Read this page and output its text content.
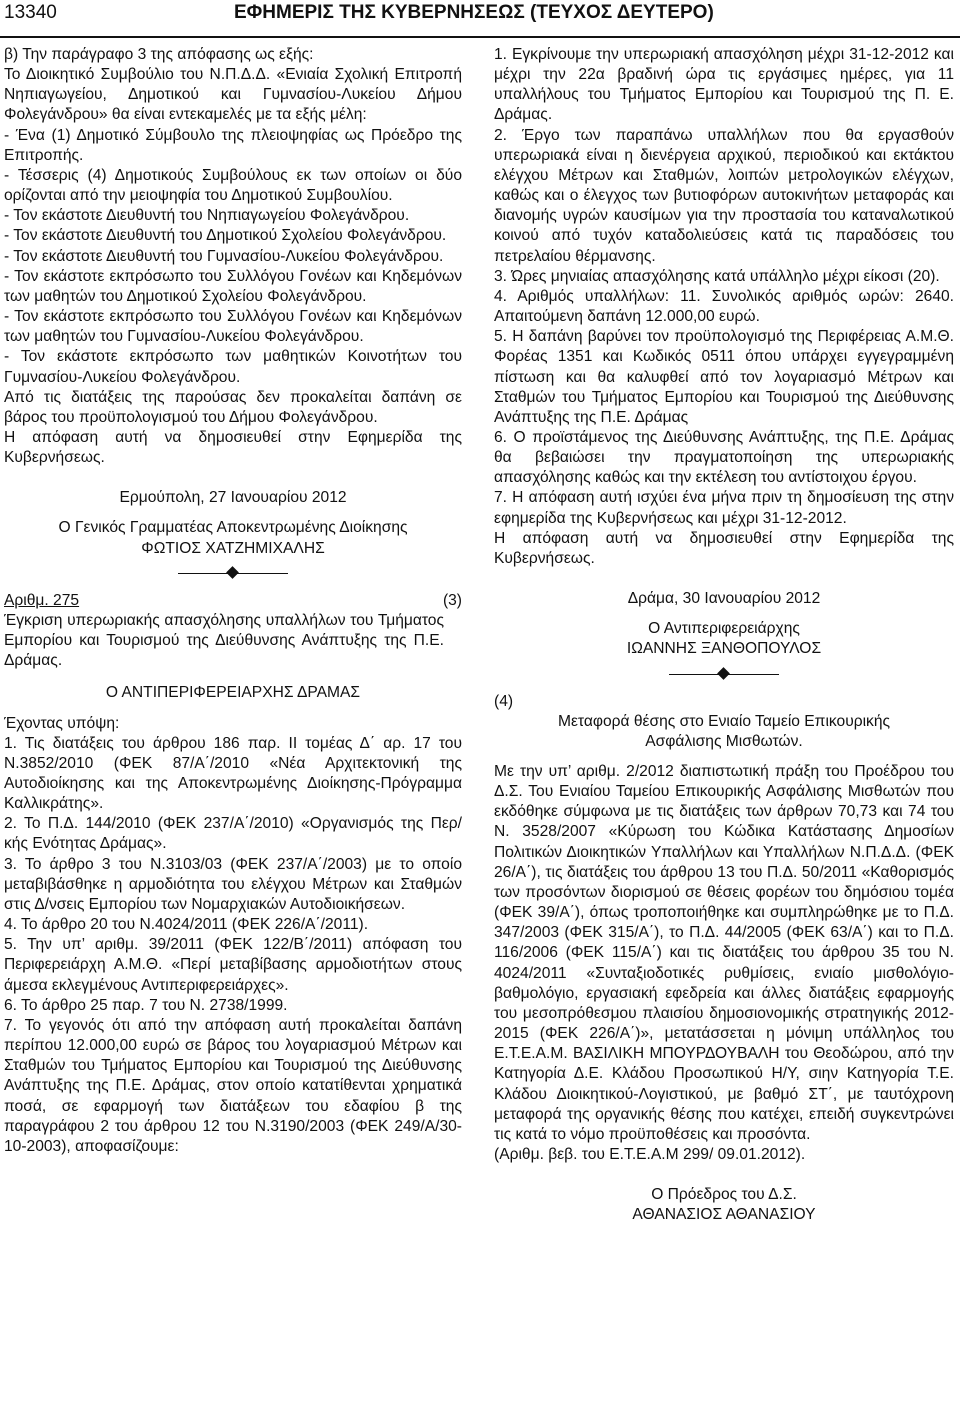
13340	ΕΦΗΜΕΡΙΣ ΤΗΣ ΚΥΒΕΡΝΗΣΕΩΣ (ΤΕΥΧΟΣ ΔΕΥΤΕΡΟ)

β) Την παράγραφο 3 της απόφασης ως εξής:

Το Διοικητικό Συμβούλιο του Ν.Π.Δ.Δ. «Ενιαία Σχολική Επιτροπή Νηπιαγωγείου, Δημοτικού και Γυμνασίου-Λυκείου Δήμου Φολεγάνδρου» θα είναι εντεκαμελές με τα εξής μέλη:

- Ένα (1) Δημοτικό Σύμβουλο της πλειοψηφίας ως Πρόεδρο της Επιτροπής.

- Τέσσερις (4) Δημοτικούς Συμβούλους εκ των οποίων οι δύο ορίζονται από την μειοψηφία του Δημοτικού Συμβουλίου.

- Τον εκάστοτε Διευθυντή του Νηπιαγωγείου Φολεγάνδρου.

- Τον εκάστοτε Διευθυντή του Δημοτικού Σχολείου Φολεγάνδρου.

- Τον εκάστοτε Διευθυντή του Γυμνασίου-Λυκείου Φολεγάνδρου.

- Τον εκάστοτε εκπρόσωπο του Συλλόγου Γονέων και Κηδεμόνων των μαθητών του Δημοτικού Σχολείου Φολεγάνδρου.

- Τον εκάστοτε εκπρόσωπο του Συλλόγου Γονέων και Κηδεμόνων των μαθητών του Γυμνασίου-Λυκείου Φολεγάνδρου.

- Τον εκάστοτε εκπρόσωπο των μαθητικών Κοινοτήτων του Γυμνασίου-Λυκείου Φολεγάνδρου.

Από τις διατάξεις της παρούσας δεν προκαλείται δαπάνη σε βάρος του προϋπολογισμού του Δήμου Φολεγάνδρου.

Η απόφαση αυτή να δημοσιευθεί στην Εφημερίδα της Κυβερνήσεως.

Ερμούπολη, 27 Ιανουαρίου 2012

Ο Γενικός Γραμματέας Αποκεντρωμένης Διοίκησης

ΦΩΤΙΟΣ ΧΑΤΖΗΜΙΧΑΛΗΣ

Αριθμ. 275	(3)

Έγκριση υπερωριακής απασχόλησης υπαλλήλων του Τμήματος Εμπορίου και Τουρισμού της Διεύθυνσης Ανάπτυξης της Π.Ε. Δράμας.

Ο ΑΝΤΙΠΕΡΙΦΕΡΕΙΑΡΧΗΣ ΔΡΑΜΑΣ

Έχοντας υπόψη:

1. Τις διατάξεις του άρθρου 186 παρ. ΙΙ τομέας Δ΄ αρ. 17 του Ν.3852/2010 (ΦΕΚ 87/Α΄/2010 «Νέα Αρχιτεκτονική της Αυτοδιοίκησης και της Αποκεντρωμένης Διοίκησης-Πρόγραμμα Καλλικράτης».

2. Το Π.Δ. 144/2010 (ΦΕΚ 237/Α΄/2010) «Οργανισμός της Περ/κής Ενότητας Δράμας».

3. Το άρθρο 3 του Ν.3103/03 (ΦΕΚ 237/Α΄/2003) με το οποίο μεταβιβάσθηκε η αρμοδιότητα του ελέγχου Μέτρων και Σταθμών στις Δ/νσεις Εμπορίου των Νομαρχιακών Αυτοδιοικήσεων.

4. Το άρθρο 20 του Ν.4024/2011 (ΦΕΚ 226/Α΄/2011).

5. Την υπ’ αριθμ. 39/2011 (ΦΕΚ 122/Β΄/2011) απόφαση του Περιφερειάρχη Α.Μ.Θ. «Περί μεταβίβασης αρμοδιοτήτων στους άμεσα εκλεγμένους Αντιπεριφερειάρχες».

6. Το άρθρο 25 παρ. 7 του Ν. 2738/1999.

7. Το γεγονός ότι από την απόφαση αυτή προκαλείται δαπάνη περίπου 12.000,00 ευρώ σε βάρος του λογαριασμού Μέτρων και Σταθμών του Τμήματος Εμπορίου και Τουρισμού της Διεύθυνσης Ανάπτυξης της Π.Ε. Δράμας, στον οποίο κατατίθενται χρηματικά ποσά, σε εφαρμογή των διατάξεων του εδαφίου β της παραγράφου 2 του άρθρου 12 του Ν.3190/2003 (ΦΕΚ 249/Α/30-10-2003), αποφασίζουμε:

1. Εγκρίνουμε την υπερωριακή απασχόληση μέχρι 31-12-2012 και μέχρι την 22α βραδινή ώρα τις εργάσιμες ημέρες, για 11 υπαλλήλους του Τμήματος Εμπορίου και Τουρισμού της Π. Ε. Δράμας.

2. Έργο των παραπάνω υπαλλήλων που θα εργασθούν υπερωριακά είναι η διενέργεια αρχικού, περιοδικού και εκτάκτου ελέγχου Μέτρων και Σταθμών, λοιπών μετρολογικών ελέγχων, καθώς και ο έλεγχος των βυτιοφόρων αυτοκινήτων μεταφοράς και διανομής υγρών καυσίμων για την προστασία του καταναλωτικού κοινού από τυχόν καταδολιεύσεις κατά τις παραδόσεις του πετρελαίου θέρμανσης.

3. Ώρες μηνιαίας απασχόλησης κατά υπάλληλο μέχρι είκοσι (20).

4. Αριθμός υπαλλήλων: 11. Συνολικός αριθμός ωρών: 2640. Απαιτούμενη δαπάνη 12.000,00 ευρώ.

5. Η δαπάνη βαρύνει τον προϋπολογισμό της Περιφέρειας Α.Μ.Θ. Φορέας 1351 και Κωδικός 0511 όπου υπάρχει εγγεγραμμένη πίστωση και θα καλυφθεί από τον λογαριασμό Μέτρων και Σταθμών του Τμήματος Εμπορίου και Τουρισμού της Διεύθυνσης Ανάπτυξης της Π.Ε. Δράμας

6. Ο προϊστάμενος της Διεύθυνσης Ανάπτυξης, της Π.Ε. Δράμας θα βεβαιώσει την πραγματοποίηση της υπερωριακής απασχόλησης καθώς και την εκτέλεση του αντίστοιχου έργου.

7. Η απόφαση αυτή ισχύει ένα μήνα πριν τη δημοσίευση της στην εφημερίδα της Κυβερνήσεως και μέχρι 31-12-2012.

Η απόφαση αυτή να δημοσιευθεί στην Εφημερίδα της Κυβερνήσεως.

Δράμα, 30 Ιανουαρίου 2012

Ο Αντιπεριφερειάρχης

ΙΩΑΝΝΗΣ ΞΑΝΘΟΠΟΥΛΟΣ

(4)

Μεταφορά θέσης στο Ενιαίο Ταμείο Επικουρικής Ασφάλισης Μισθωτών.

Με την υπ’ αριθμ. 2/2012 διαπιστωτική πράξη του Προέδρου του Δ.Σ. Του Ενιαίου Ταμείου Επικουρικής Ασφάλισης Μισθωτών που εκδόθηκε σύμφωνα με τις διατάξεις των άρθρων 70,73 και 74 του Ν. 3528/2007 «Κύρωση του Κώδικα Κατάστασης Δημοσίων Πολιτικών Διοικητικών Υπαλλήλων και Υπαλλήλων Ν.Π.Δ.Δ. (ΦΕΚ 26/Α΄), τις διατάξεις του άρθρου 13 του Π.Δ. 50/2011 «Καθορισμός των προσόντων διορισμού σε θέσεις φορέων του δημόσιου τομέα (ΦΕΚ 39/Α΄), όπως τροποποιήθηκε και συμπληρώθηκε με το Π.Δ. 347/2003 (ΦΕΚ 315/Α΄), το Π.Δ. 44/2005 (ΦΕΚ 63/Α΄) και το Π.Δ. 116/2006 (ΦΕΚ 115/Α΄) και τις διατάξεις του άρθρου 35 του Ν. 4024/2011 «Συνταξιοδοτικές ρυθμίσεις, ενιαίο μισθολόγιο-βαθμολόγιο, εργασιακή εφεδρεία και άλλες διατάξεις εφαρμογής του μεσοπρόθεσμου πλαισίου δημοσιονομικής στρατηγικής 2012-2015 (ΦΕΚ 226/Α΄)», μετατάσσεται η μόνιμη υπάλληλος του Ε.Τ.Ε.Α.Μ. ΒΑΣΙΛΙΚΗ ΜΠΟΥΡΔΟΥΒΑΛΗ του Θεοδώρου, από την Κατηγορία Δ.Ε. Κλάδου Προσωπικού Η/Υ, σιην Κατηγορία Τ.Ε. Κλάδου Διοικητικού-Λογιστικού, με βαθμό ΣΤ΄, με ταυτόχρονη μεταφορά της οργανικής θέσης που κατέχει, επειδή συγκεντρώνει τις κατά το νόμο προϋποθέσεις και προσόντα.

(Αριθμ. βεβ. του Ε.Τ.Ε.Α.Μ 299/ 09.01.2012).

Ο Πρόεδρος του Δ.Σ.

ΑΘΑΝΑΣΙΟΣ ΑΘΑΝΑΣΙΟΥ
